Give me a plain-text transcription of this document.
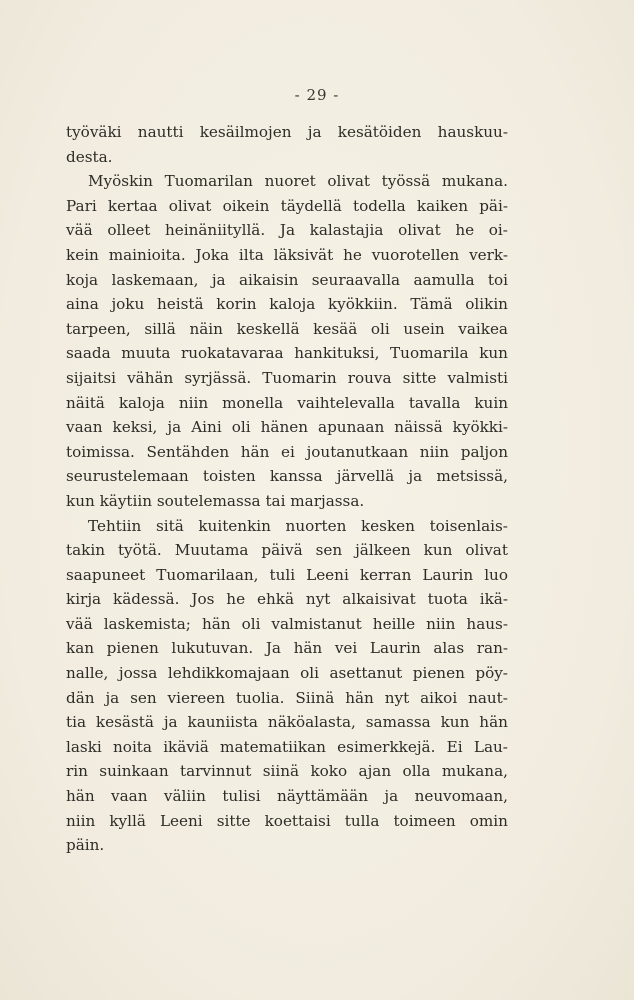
- 29 -
työväki nautti kesäilmojen ja kesätöiden hauskuu-
desta.
Myöskin Tuomarilan nuoret olivat työssä mukana.
Pari kertaa olivat oikein täydellä todella kaiken päi-
vää olleet heinäniityllä. Ja kalastajia olivat he oi-
kein mainioita. Joka ilta läksivät he vuorotellen verk-
koja laskemaan, ja aikaisin seuraavalla aamulla toi
aina joku heistä korin kaloja kyökkiin. Tämä olikin
tarpeen, sillä näin keskellä kesää oli usein vaikea
saada muuta ruokatavaraa hankituksi, Tuomarila kun
sijaitsi vähän syrjässä. Tuomarin rouva sitte valmisti
näitä kaloja niin monella vaihtelevalla tavalla kuin
vaan keksi, ja Aini oli hänen apunaan näissä kyökki-
toimissa. Sentähden hän ei joutanutkaan niin paljon
seurustelemaan toisten kanssa järvellä ja metsissä,
kun käytiin soutelemassa tai marjassa.
Tehtiin sitä kuitenkin nuorten kesken toisenlais-
takin työtä. Muutama päivä sen jälkeen kun olivat
saapuneet Tuomarilaan, tuli Leeni kerran Laurin luo
kirja kädessä. Jos he ehkä nyt alkaisivat tuota ikä-
vää laskemista; hän oli valmistanut heille niin haus-
kan pienen lukutuvan. Ja hän vei Laurin alas ran-
nalle, jossa lehdikkomajaan oli asettanut pienen pöy-
dän ja sen viereen tuolia. Siinä hän nyt aikoi naut-
tia kesästä ja kauniista näköalasta, samassa kun hän
laski noita ikäviä matematiikan esimerkkejä. Ei Lau-
rin suinkaan tarvinnut siinä koko ajan olla mukana,
hän vaan väliin tulisi näyttämään ja neuvomaan,
niin kyllä Leeni sitte koettaisi tulla toimeen omin
päin.
